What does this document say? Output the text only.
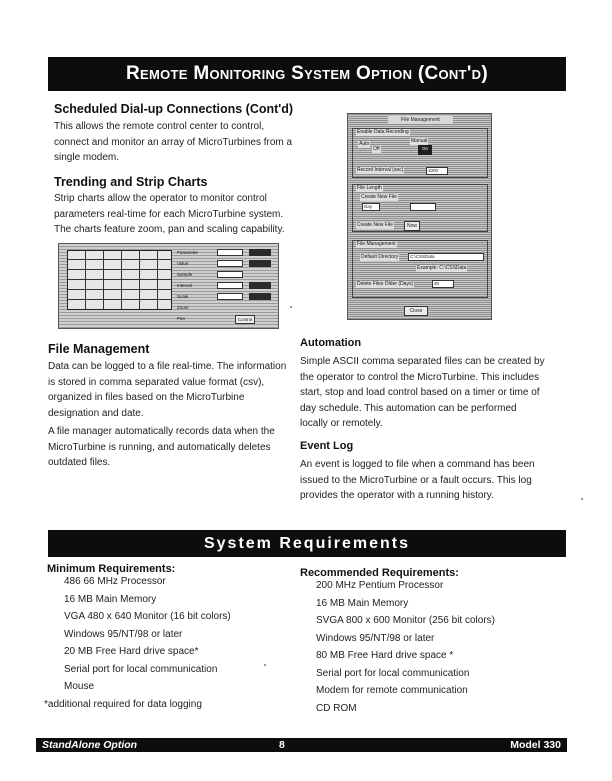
Remote Monitoring System Option (Cont'd)
Scheduled Dial-up Connections (Cont'd)
This allows the remote control center to control,
connect and monitor an array of MicroTurbines from a
single modem.
Trending and Strip Charts
Strip charts allow the operator to monitor control
parameters real-time for each MicroTurbine system.
The charts feature zoom, pan and scaling capability.
Parameter
Value
Sample
Interval
Scale
Zoom
Pan	Control
File Management
Data can be logged to a file real-time. The information
is stored in comma separated value format (csv),
organized in files based on the MicroTurbine
designation and date.
A file manager automatically records data when the
MicroTurbine is running, and automatically deletes
outdated files.
File Management
Enable Data Recording
Auto	Manual
Off	On
Record Interval (sec)	1000
File Length
Create New File
Day
Create New File	Now
File Management
Default Directory	C:\CSSData
Example: C:\CSSData
Delete Files Older (Days)	30
Close
Automation
Simple ASCII comma separated files can be created by
the operator to control the MicroTurbine. This includes
start, stop and load control based on a timer or time of
day schedule. This automation can be performed
locally or remotely.
Event Log
An event is logged to file when a command has been
issued to the MicroTurbine or a fault occurs. This log
provides the operator with a running history.
System Requirements
Minimum Requirements:
486 66 MHz Processor
16 MB Main Memory
VGA 480 x 640 Monitor (16 bit colors)
Windows 95/NT/98 or later
20 MB Free Hard drive space*
Serial port for local communication
Mouse
Recommended Requirements:
200 MHz Pentium Processor
16 MB Main Memory
SVGA 800 x 600 Monitor (256 bit colors)
Windows 95/NT/98 or later
80 MB Free Hard drive space *
Serial port for local communication
Modem for remote communication
CD ROM
*additional required for data logging
StandAlone Option	8	Model 330
